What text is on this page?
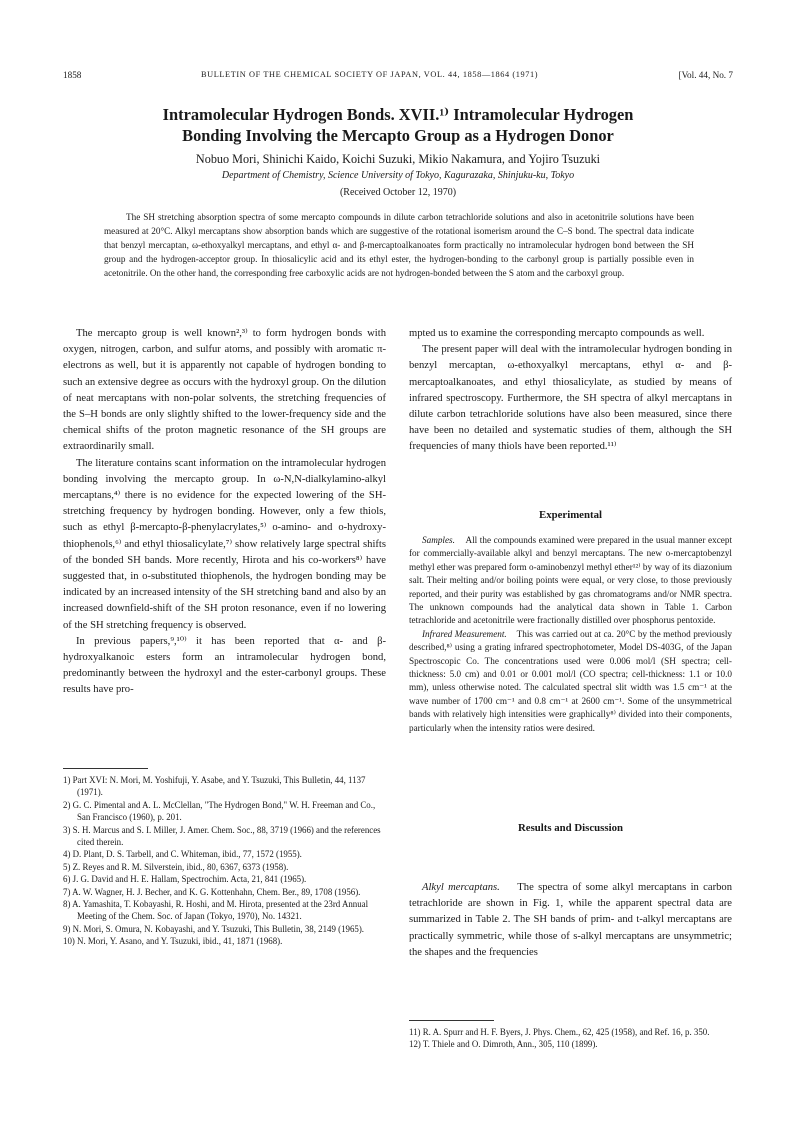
1858	BULLETIN OF THE CHEMICAL SOCIETY OF JAPAN, VOL. 44, 1858—1864 (1971)	[Vol. 44, No. 7
Intramolecular Hydrogen Bonds. XVII.¹⁾ Intramolecular Hydrogen
Bonding Involving the Mercapto Group as a Hydrogen Donor
Nobuo Mori, Shinichi Kaido, Koichi Suzuki, Mikio Nakamura, and Yojiro Tsuzuki
Department of Chemistry, Science University of Tokyo, Kagurazaka, Shinjuku-ku, Tokyo
(Received October 12, 1970)
The SH stretching absorption spectra of some mercapto compounds in dilute carbon tetrachloride solutions and also in acetonitrile solutions have been measured at 20°C. Alkyl mercaptans show absorption bands which are suggestive of the rotational isomerism around the C–S bond. The spectral data indicate that benzyl mercaptan, ω-ethoxyalkyl mercaptans, and ethyl α- and β-mercaptoalkanoates form practically no intramolecular hydrogen bond between the SH group and the hydrogen-acceptor group. In thiosalicylic acid and its ethyl ester, the hydrogen-bonding to the carbonyl group is partially possible even in acetonitrile. On the other hand, the corresponding free carboxylic acids are not hydrogen-bonded between the S atom and the carboxyl group.

The mercapto group is well known²,³⁾ to form hydrogen bonds with oxygen, nitrogen, carbon, and sulfur atoms, and possibly with aromatic π-electrons as well, but it is apparently not capable of hydrogen bonding to such an extensive degree as occurs with the hydroxyl group. On the dilution of neat mercaptans with non-polar solvents, the stretching frequencies of the S–H bonds are only slightly shifted to the lower-frequency side and the chemical shifts of the proton magnetic resonance of the SH groups are extraordinarily small.

The literature contains scant information on the intramolecular hydrogen bonding involving the mercapto group. In ω-N,N-dialkylamino-alkyl mercaptans,⁴⁾ there is no evidence for the expected lowering of the SH-stretching frequency by hydrogen bonding. However, only a few thiols, such as ethyl β-mercapto-β-phenylacrylates,⁵⁾ o-amino- and o-hydroxy-thiophenols,⁶⁾ and ethyl thiosalicylate,⁷⁾ show relatively large spectral shifts of the bonded SH bands. More recently, Hirota and his co-workers⁸⁾ have suggested that, in o-substituted thiophenols, the hydrogen bonding may be indicated by an increased intensity of the SH stretching band and also by an increased downfield-shift of the SH proton resonance, even if no lowering of the SH stretching frequency is observed.

In previous papers,⁹,¹⁰⁾ it has been reported that α- and β-hydroxyalkanoic esters form an intramolecular hydrogen bond, predominantly between the hydroxyl and the ester-carbonyl groups. These results have pro-

mpted us to examine the corresponding mercapto compounds as well.

The present paper will deal with the intramolecular hydrogen bonding in benzyl mercaptan, ω-ethoxyalkyl mercaptans, ethyl α- and β-mercaptoalkanoates, and ethyl thiosalicylate, as studied by means of infrared spectroscopy. Furthermore, the SH spectra of alkyl mercaptans in dilute carbon tetrachloride solutions have also been measured, since there have been no detailed and systematic studies of them, although the SH frequencies of many thiols have been reported.¹¹⁾

Experimental

Samples. All the compounds examined were prepared in the usual manner except for commercially-available alkyl and benzyl mercaptans. The new o-mercaptobenzyl methyl ether was prepared form o-aminobenzyl methyl ether¹²⁾ by way of its diazonium salt. Their melting and/or boiling points were equal, or very close, to those previously reported, and their purity was established by gas chromatograms and/or NMR spectra. The unknown compounds had the analytical data shown in Table 1. Carbon tetrachloride and acetonitrile were fractionally distilled over phosphorus pentoxide.

Infrared Measurement. This was carried out at ca. 20°C by the method previously described,⁸⁾ using a grating infrared spectrophotometer, Model DS-403G, of the Japan Spectroscopic Co. The concentrations used were 0.006 mol/l (SH spectra; cell-thickness: 5.0 cm) and 0.01 or 0.001 mol/l (CO spectra; cell-thickness: 1.1 or 10.0 mm), unless otherwise noted. The calculated spectral slit width was 1.5 cm⁻¹ at the wave number of 1700 cm⁻¹ and 0.8 cm⁻¹ at 2600 cm⁻¹. Some of the unsymmetrical bands with relatively high intensities were graphically⁸⁾ divided into their components, particularly when the intensity ratios were desired.

Results and Discussion

Alkyl mercaptans. The spectra of some alkyl mercaptans in carbon tetrachloride are shown in Fig. 1, while the apparent spectral data are summarized in Table 2. The SH bands of prim- and t-alkyl mercaptans are practically symmetric, while those of s-alkyl mercaptans are unsymmetric; the shapes and the frequencies

1) Part XVI: N. Mori, M. Yoshifuji, Y. Asabe, and Y. Tsuzuki, This Bulletin, 44, 1137 (1971).
2) G. C. Pimental and A. L. McClellan, "The Hydrogen Bond," W. H. Freeman and Co., San Francisco (1960), p. 201.
3) S. H. Marcus and S. I. Miller, J. Amer. Chem. Soc., 88, 3719 (1966) and the references cited therein.
4) D. Plant, D. S. Tarbell, and C. Whiteman, ibid., 77, 1572 (1955).
5) Z. Reyes and R. M. Silverstein, ibid., 80, 6367, 6373 (1958).
6) J. G. David and H. E. Hallam, Spectrochim. Acta, 21, 841 (1965).
7) A. W. Wagner, H. J. Becher, and K. G. Kottenhahn, Chem. Ber., 89, 1708 (1956).
8) A. Yamashita, T. Kobayashi, R. Hoshi, and M. Hirota, presented at the 23rd Annual Meeting of the Chem. Soc. of Japan (Tokyo, 1970), No. 14321.
9) N. Mori, S. Omura, N. Kobayashi, and Y. Tsuzuki, This Bulletin, 38, 2149 (1965).
10) N. Mori, Y. Asano, and Y. Tsuzuki, ibid., 41, 1871 (1968).
11) R. A. Spurr and H. F. Byers, J. Phys. Chem., 62, 425 (1958), and Ref. 16, p. 350.
12) T. Thiele and O. Dimroth, Ann., 305, 110 (1899).
